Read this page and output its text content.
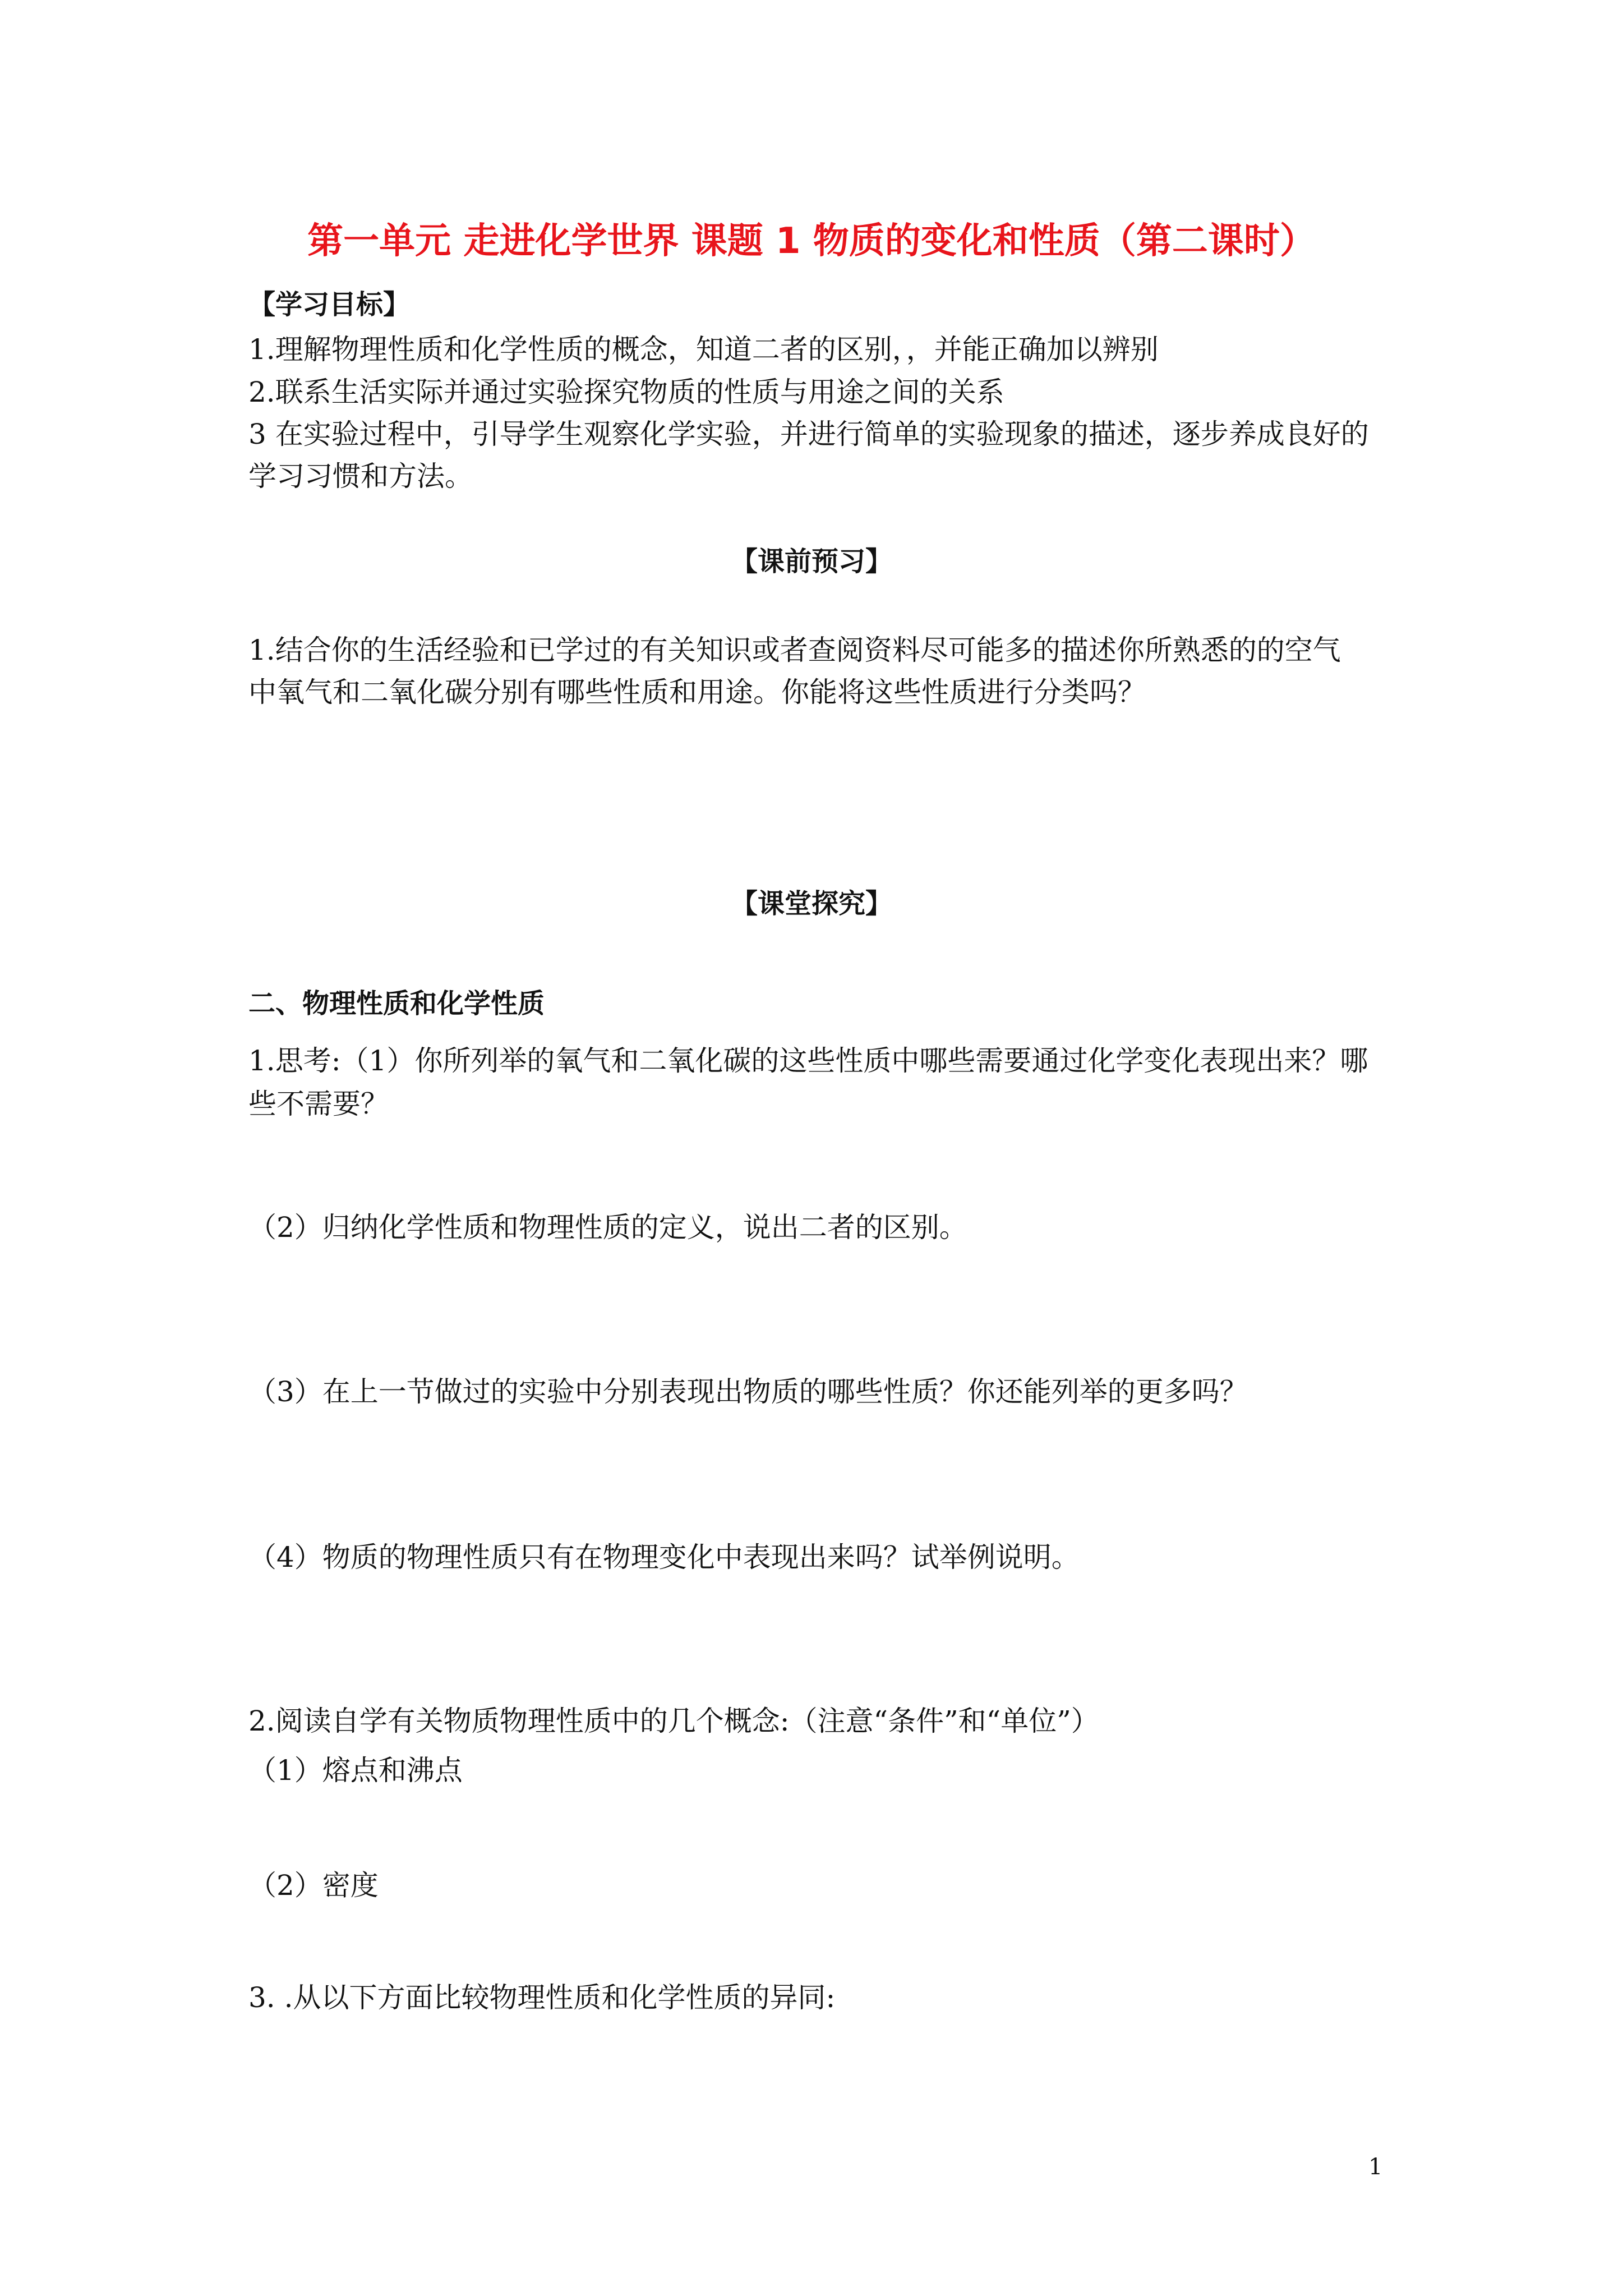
第一单元 走进化学世界 课题 1 物质的变化和性质（第二课时）
【学习目标】
1.理解物理性质和化学性质的概念，知道二者的区别，，并能正确加以辨别
2.联系生活实际并通过实验探究物质的性质与用途之间的关系
3 在实验过程中，引导学生观察化学实验，并进行简单的实验现象的描述，逐步养成良好的
学习习惯和方法。
【课前预习】
1.结合你的生活经验和已学过的有关知识或者查阅资料尽可能多的描述你所熟悉的的空气
中氧气和二氧化碳分别有哪些性质和用途。你能将这些性质进行分类吗？
【课堂探究】
二、物理性质和化学性质
1.思考:（1）你所列举的氧气和二氧化碳的这些性质中哪些需要通过化学变化表现出来？哪
些不需要？
（2）归纳化学性质和物理性质的定义，说出二者的区别。
（3）在上一节做过的实验中分别表现出物质的哪些性质？你还能列举的更多吗？
（4）物质的物理性质只有在物理变化中表现出来吗？试举例说明。
2.阅读自学有关物质物理性质中的几个概念:（注意“条件”和“单位”）
（1）熔点和沸点
（2）密度
3. .从以下方面比较物理性质和化学性质的异同:
1
